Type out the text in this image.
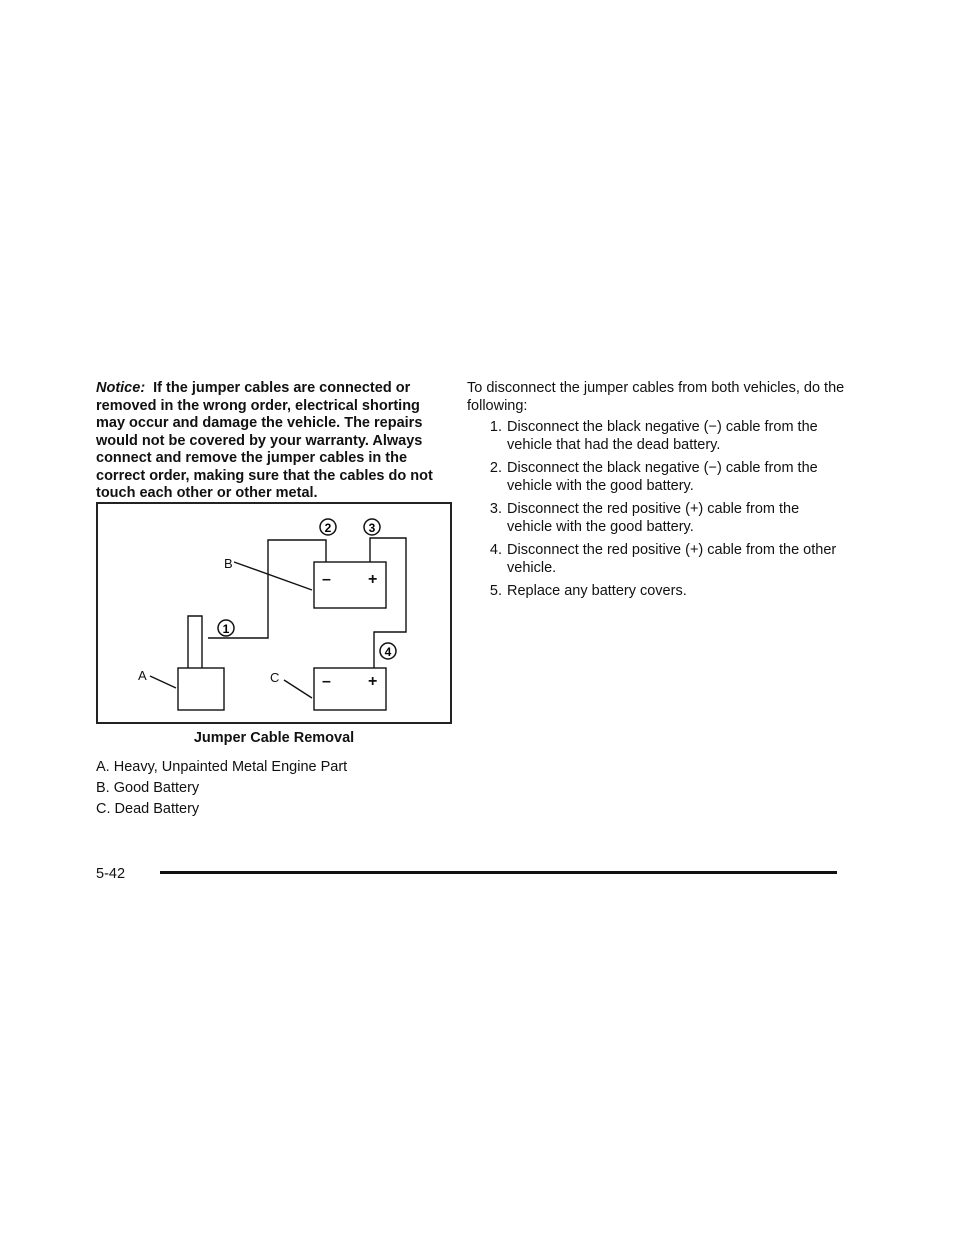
Notice: If the jumper cables are connected or removed in the wrong order, electrical shorting may occur and damage the vehicle. The repairs would not be covered by your warranty. Always connect and remove the jumper cables in the correct order, making sure that the cables do not touch each other or other metal.

– +
– +
A
B
C
1
2	3
4
Jumper Cable Removal
A. Heavy, Unpainted Metal Engine Part
B. Good Battery
C. Dead Battery

To disconnect the jumper cables from both vehicles, do the following:

1. Disconnect the black negative (−) cable from the vehicle that had the dead battery.
2. Disconnect the black negative (−) cable from the vehicle with the good battery.
3. Disconnect the red positive (+) cable from the vehicle with the good battery.
4. Disconnect the red positive (+) cable from the other vehicle.
5. Replace any battery covers.
5-42
